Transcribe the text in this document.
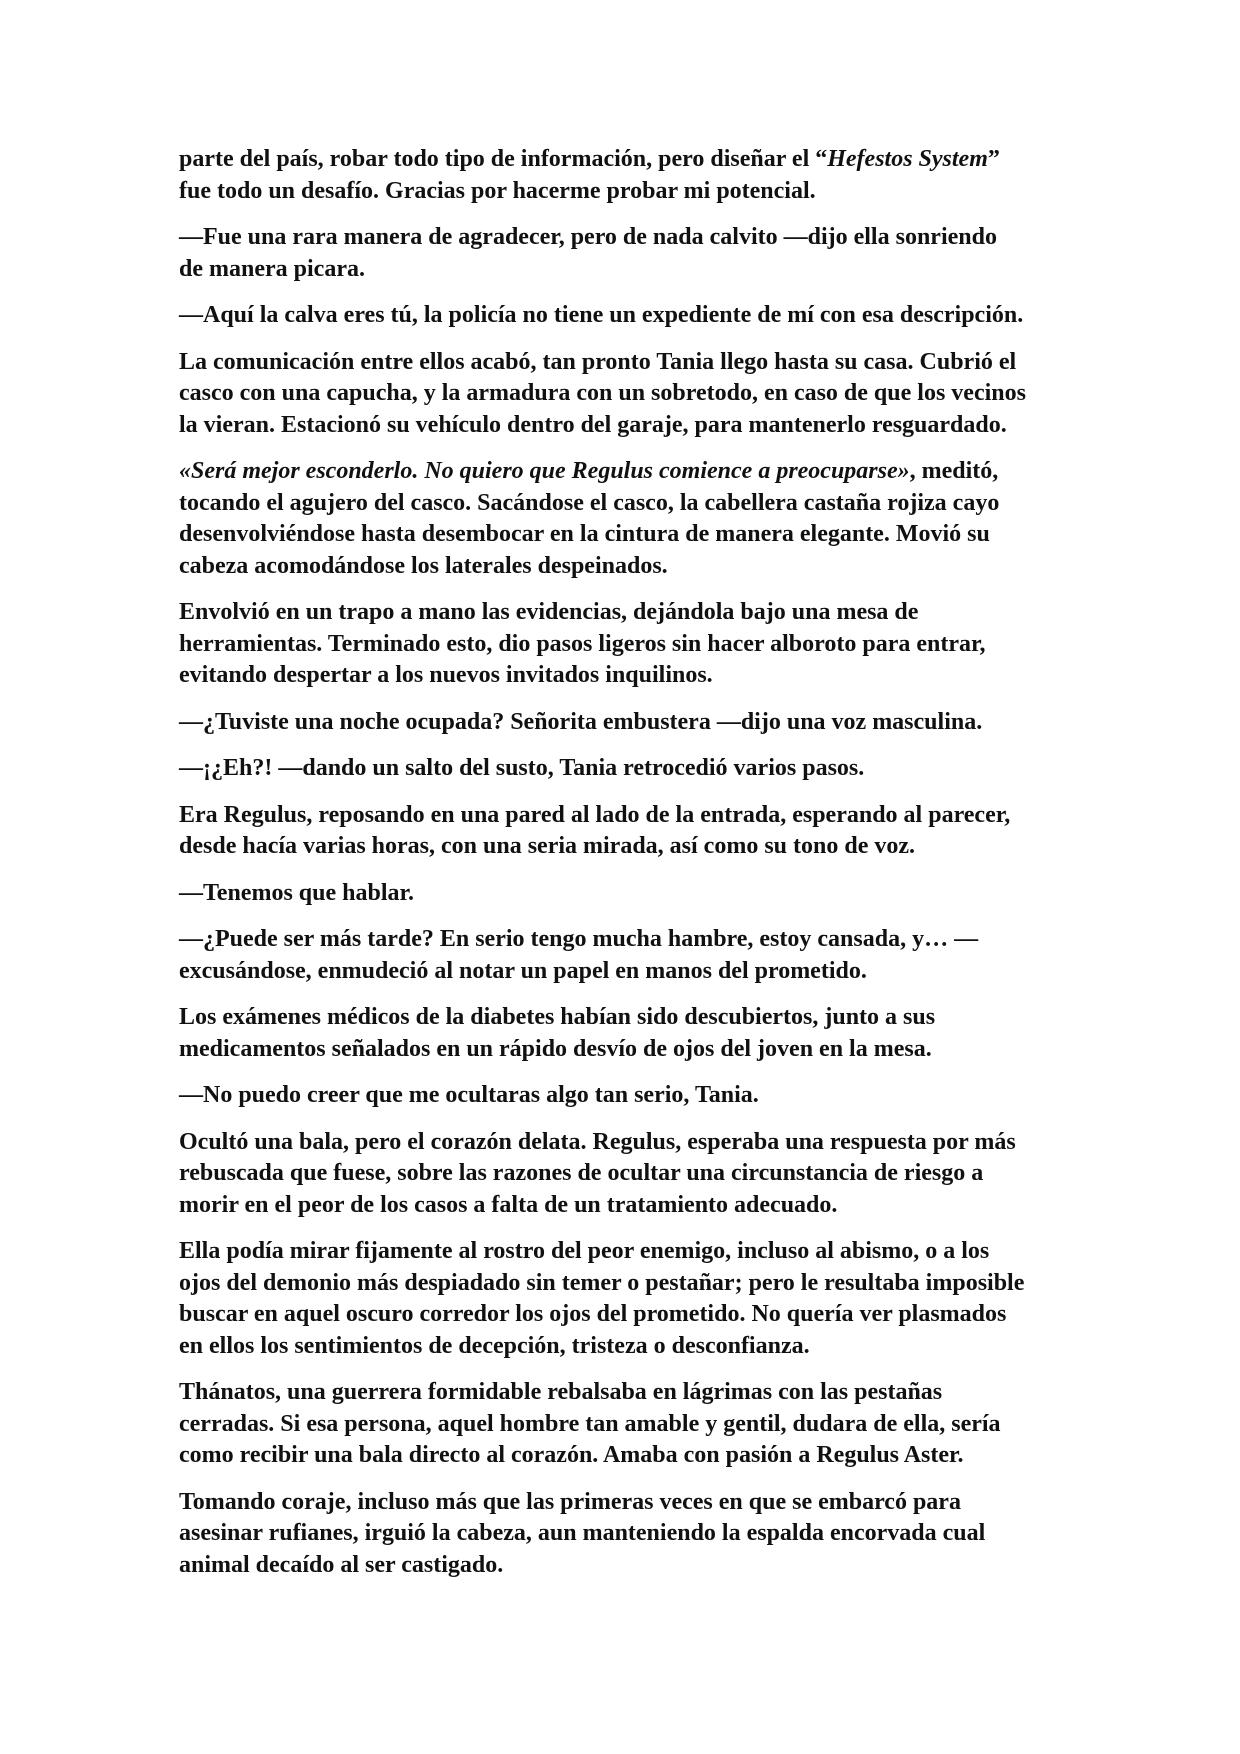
parte del país, robar todo tipo de información, pero diseñar el “Hefestos System”
fue todo un desafío. Gracias por hacerme probar mi potencial.

—Fue una rara manera de agradecer, pero de nada calvito —dijo ella sonriendo
de manera picara.

—Aquí la calva eres tú, la policía no tiene un expediente de mí con esa descripción.

La comunicación entre ellos acabó, tan pronto Tania llego hasta su casa. Cubrió el
casco con una capucha, y la armadura con un sobretodo, en caso de que los vecinos
la vieran. Estacionó su vehículo dentro del garaje, para mantenerlo resguardado.

«Será mejor esconderlo. No quiero que Regulus comience a preocuparse», meditó,
tocando el agujero del casco. Sacándose el casco, la cabellera castaña rojiza cayo
desenvolviéndose hasta desembocar en la cintura de manera elegante. Movió su
cabeza acomodándose los laterales despeinados.

Envolvió en un trapo a mano las evidencias, dejándola bajo una mesa de
herramientas. Terminado esto, dio pasos ligeros sin hacer alboroto para entrar,
evitando despertar a los nuevos invitados inquilinos.

—¿Tuviste una noche ocupada? Señorita embustera —dijo una voz masculina.

—¡¿Eh?! —dando un salto del susto, Tania retrocedió varios pasos.

Era Regulus, reposando en una pared al lado de la entrada, esperando al parecer,
desde hacía varias horas, con una seria mirada, así como su tono de voz.

—Tenemos que hablar.

—¿Puede ser más tarde? En serio tengo mucha hambre, estoy cansada, y… —
excusándose, enmudeció al notar un papel en manos del prometido.

Los exámenes médicos de la diabetes habían sido descubiertos, junto a sus
medicamentos señalados en un rápido desvío de ojos del joven en la mesa.

—No puedo creer que me ocultaras algo tan serio, Tania.

Ocultó una bala, pero el corazón delata. Regulus, esperaba una respuesta por más
rebuscada que fuese, sobre las razones de ocultar una circunstancia de riesgo a
morir en el peor de los casos a falta de un tratamiento adecuado.

Ella podía mirar fijamente al rostro del peor enemigo, incluso al abismo, o a los
ojos del demonio más despiadado sin temer o pestañar; pero le resultaba imposible
buscar en aquel oscuro corredor los ojos del prometido. No quería ver plasmados
en ellos los sentimientos de decepción, tristeza o desconfianza.

Thánatos, una guerrera formidable rebalsaba en lágrimas con las pestañas
cerradas. Si esa persona, aquel hombre tan amable y gentil, dudara de ella, sería
como recibir una bala directo al corazón. Amaba con pasión a Regulus Aster.

Tomando coraje, incluso más que las primeras veces en que se embarcó para
asesinar rufianes, irguió la cabeza, aun manteniendo la espalda encorvada cual
animal decaído al ser castigado.
